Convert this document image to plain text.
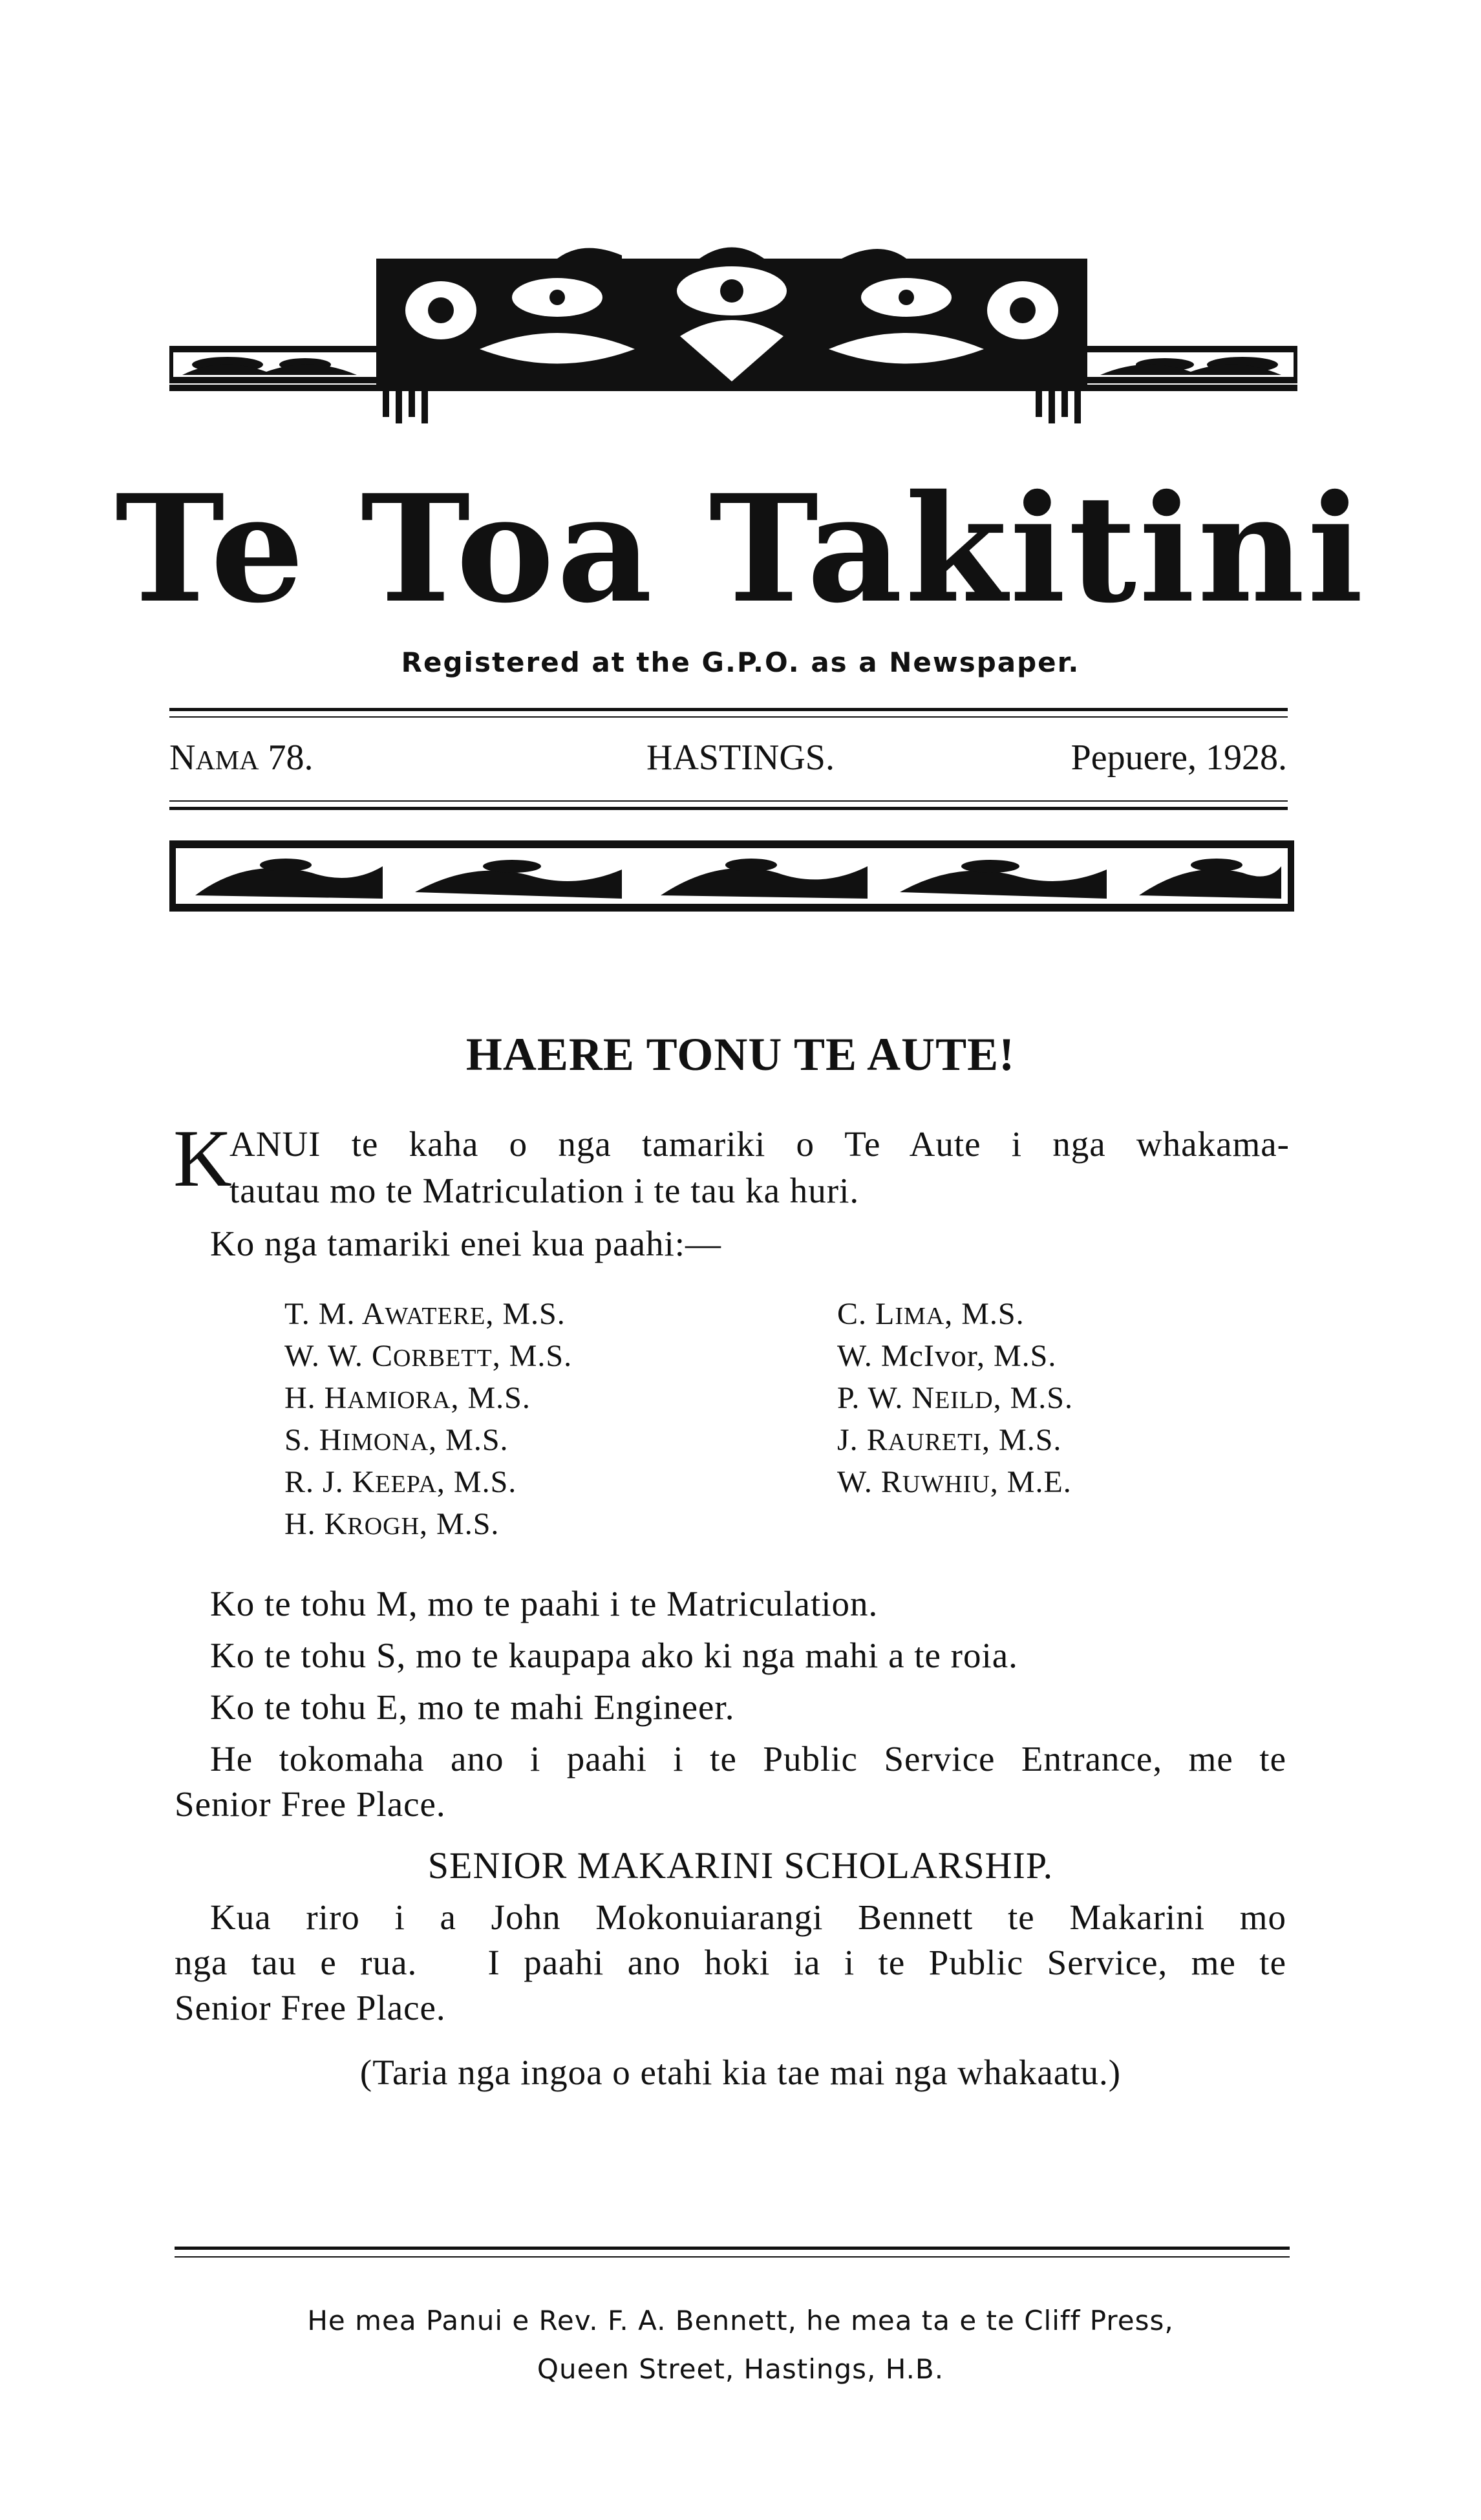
Te Toa Takitini
Registered at the G.P.O. as a Newspaper.
NAMA 78.	HASTINGS.	Pepuere, 1928.
HAERE TONU TE AUTE!
K
ANUI te kaha o nga tamariki o Te Aute i nga whakama-
tautau mo te Matriculation i te tau ka huri.
Ko nga tamariki enei kua paahi:—
T. M. AWATERE, M.S.
W. W. CORBETT, M.S.
H. HAMIORA, M.S.
S. HIMONA, M.S.
R. J. KEEPA, M.S.
H. KROGH, M.S.
C. LIMA, M.S.
W. McIvor, M.S.
P. W. NEILD, M.S.
J. RAURETI, M.S.
W. RUWHIU, M.E.
Ko te tohu M, mo te paahi i te Matriculation.
Ko te tohu S, mo te kaupapa ako ki nga mahi a te roia.
Ko te tohu E, mo te mahi Engineer.
He tokomaha ano i paahi i te Public Service Entrance, me te
Senior Free Place.
SENIOR MAKARINI SCHOLARSHIP.
Kua riro i a John Mokonuiarangi Bennett te Makarini mo
nga tau e rua.   I paahi ano hoki ia i te Public Service, me te
Senior Free Place.
(Taria nga ingoa o etahi kia tae mai nga whakaatu.)
He mea Panui e Rev. F. A. Bennett, he mea ta e te Cliff Press,
Queen Street, Hastings, H.B.
